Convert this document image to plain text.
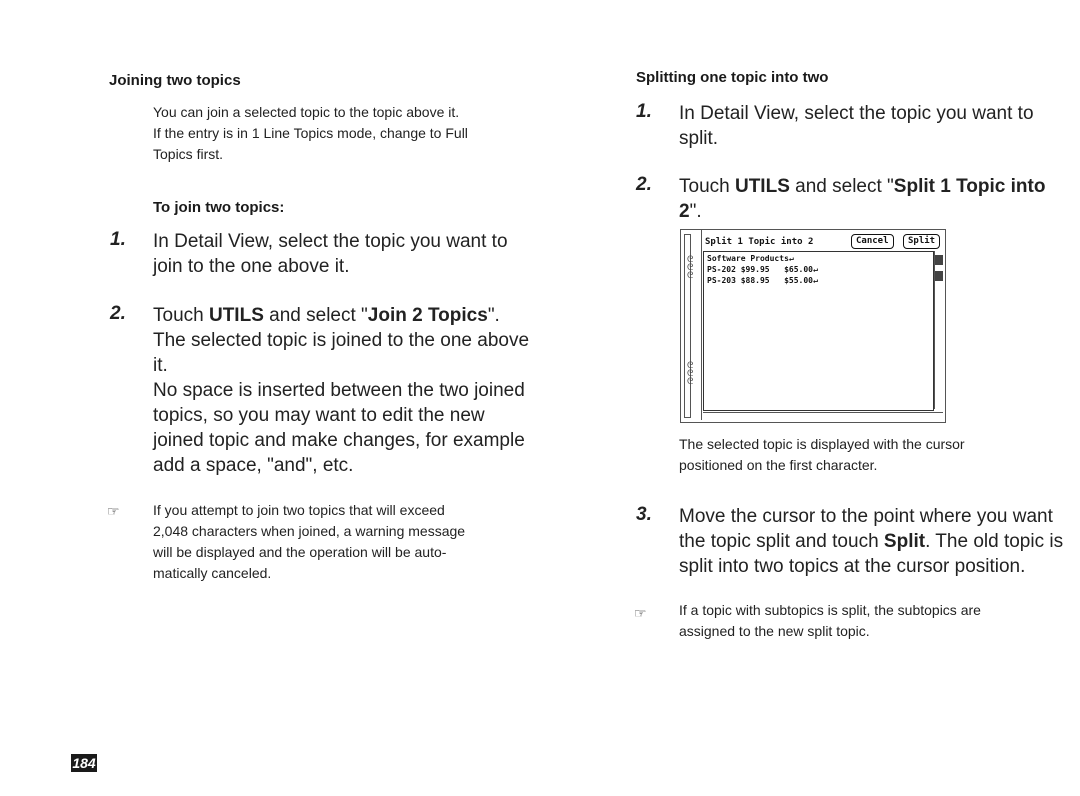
Joining two topics
You can join a selected topic to the topic above it.
If the entry is in 1 Line Topics mode, change to Full
Topics first.
To join two topics:
1. In Detail View, select the topic you want to
join to the one above it.
2. Touch UTILS and select "Join 2 Topics".
The selected topic is joined to the one above
it.
No space is inserted between the two joined
topics, so you may want to edit the new
joined topic and make changes, for example
add a space, "and", etc.
☞ If you attempt to join two topics that will exceed
2,048 characters when joined, a warning message
will be displayed and the operation will be auto-
matically canceled.
Splitting one topic into two
1. In Detail View, select the topic you want to
split.
2. Touch UTILS and select "Split 1 Topic into
2".
ᘓ
ᘓ
ᘓ
ᘓ
ᘓ
ᘓ
Split 1 Topic into 2	Cancel	Split
Software Products↵
PS-202 $99.95   $65.00↵
PS-203 $88.95   $55.00↵
The selected topic is displayed with the cursor
positioned on the first character.
3. Move the cursor to the point where you want
the topic split and touch Split. The old topic is
split into two topics at the cursor position.
☞ If a topic with subtopics is split, the subtopics are
assigned to the new split topic.
184
